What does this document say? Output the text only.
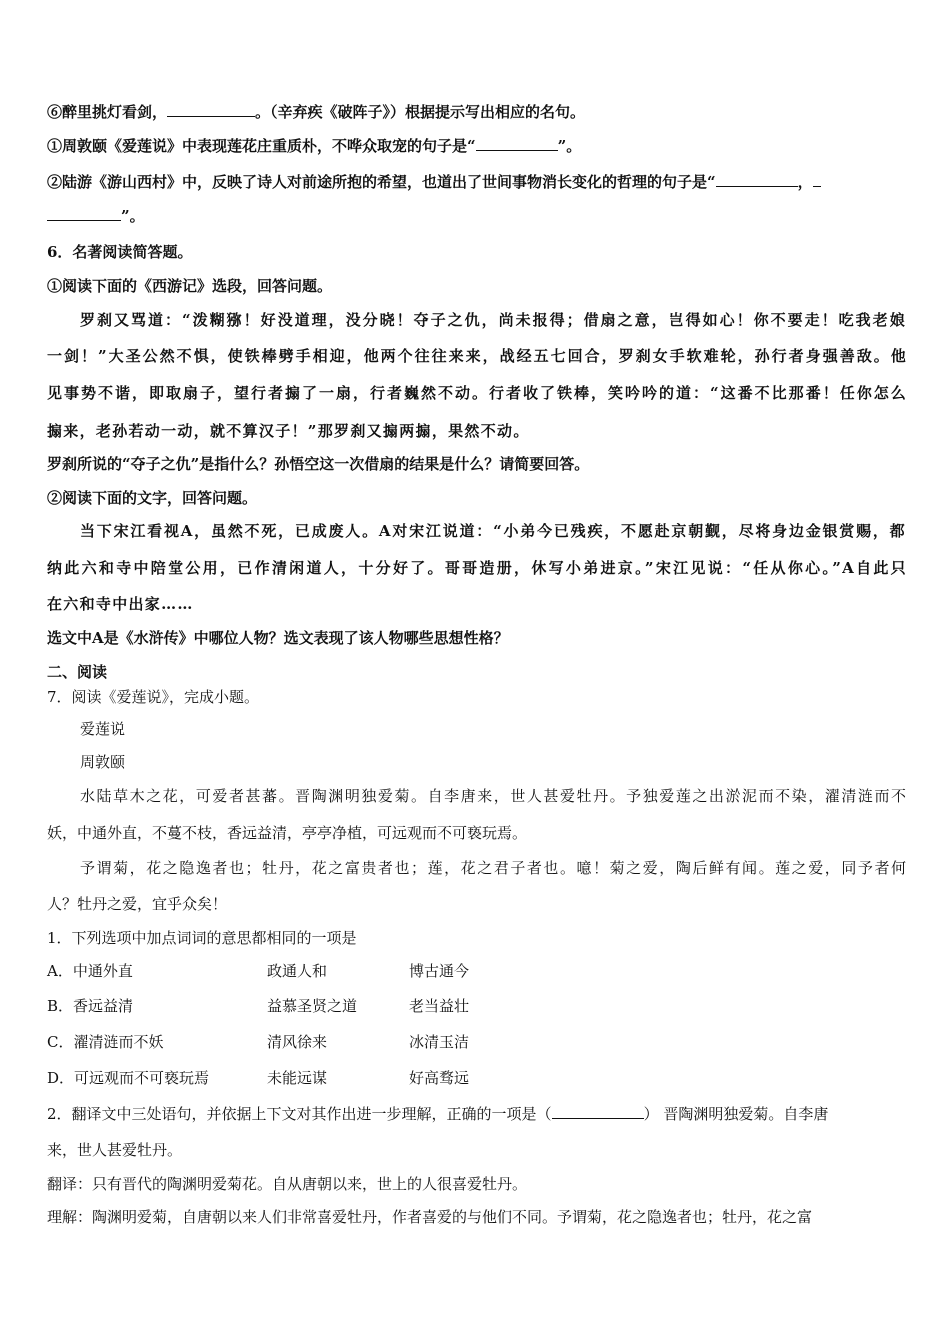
⑥醉里挑灯看剑，	。（辛弃疾《破阵子》）根据提示写出相应的名句。
①周敦颐《爱莲说》中表现莲花庄重质朴，不哗众取宠的句子是“	”。
②陆游《游山西村》中，反映了诗人对前途所抱的希望，也道出了世间事物消长变化的哲理的句子是“	，
”。
6．名著阅读简答题。
①阅读下面的《西游记》选段，回答问题。
罗刹又骂道：“泼糊猕！好没道理，没分晓！夺子之仇，尚未报得；借扇之意，岂得如心！你不要走！吃我老娘
一剑！”大圣公然不惧，使铁棒劈手相迎，他两个往往来来，战经五七回合，罗刹女手软难轮，孙行者身强善敌。他
见事势不谐，即取扇子，望行者搧了一扇，行者巍然不动。行者收了铁棒，笑吟吟的道：“这番不比那番！任你怎么
搧来，老孙若动一动，就不算汉子！”那罗刹又搧两搧，果然不动。
罗刹所说的“夺子之仇”是指什么？孙悟空这一次借扇的结果是什么？请简要回答。
②阅读下面的文字，回答问题。
当下宋江看视A，虽然不死，已成废人。A对宋江说道：“小弟今已残疾，不愿赴京朝觐，尽将身边金银赏赐，都
纳此六和寺中陪堂公用，已作清闲道人，十分好了。哥哥造册，休写小弟进京。”宋江见说：“任从你心。”A自此只
在六和寺中出家……
选文中A是《水浒传》中哪位人物？选文表现了该人物哪些思想性格？
二、阅读
7．阅读《爱莲说》，完成小题。
爱莲说
周敦颐
水陆草木之花，可爱者甚蕃。晋陶渊明独爱菊。自李唐来，世人甚爱牡丹。予独爱莲之出淤泥而不染，濯清涟而不
妖，中通外直，不蔓不枝，香远益清，亭亭净植，可远观而不可亵玩焉。
予谓菊，花之隐逸者也；牡丹，花之富贵者也；莲，花之君子者也。噫！菊之爱，陶后鲜有闻。莲之爱，同予者何
人？牡丹之爱，宜乎众矣！
1．下列选项中加点词词的意思都相同的一项是
A．中通外直	政通人和	博古通今
B．香远益清	益慕圣贤之道	老当益壮
C．濯清涟而不妖	清风徐来	冰清玉洁
D．可远观而不可亵玩焉	未能远谋	好高骛远
2．翻译文中三处语句，并依据上下文对其作出进一步理解，正确的一项是（	） 晋陶渊明独爱菊。自李唐
来，世人甚爱牡丹。
翻译：只有晋代的陶渊明爱菊花。自从唐朝以来，世上的人很喜爱牡丹。
理解：陶渊明爱菊，自唐朝以来人们非常喜爱牡丹，作者喜爱的与他们不同。予谓菊，花之隐逸者也；牡丹，花之富
